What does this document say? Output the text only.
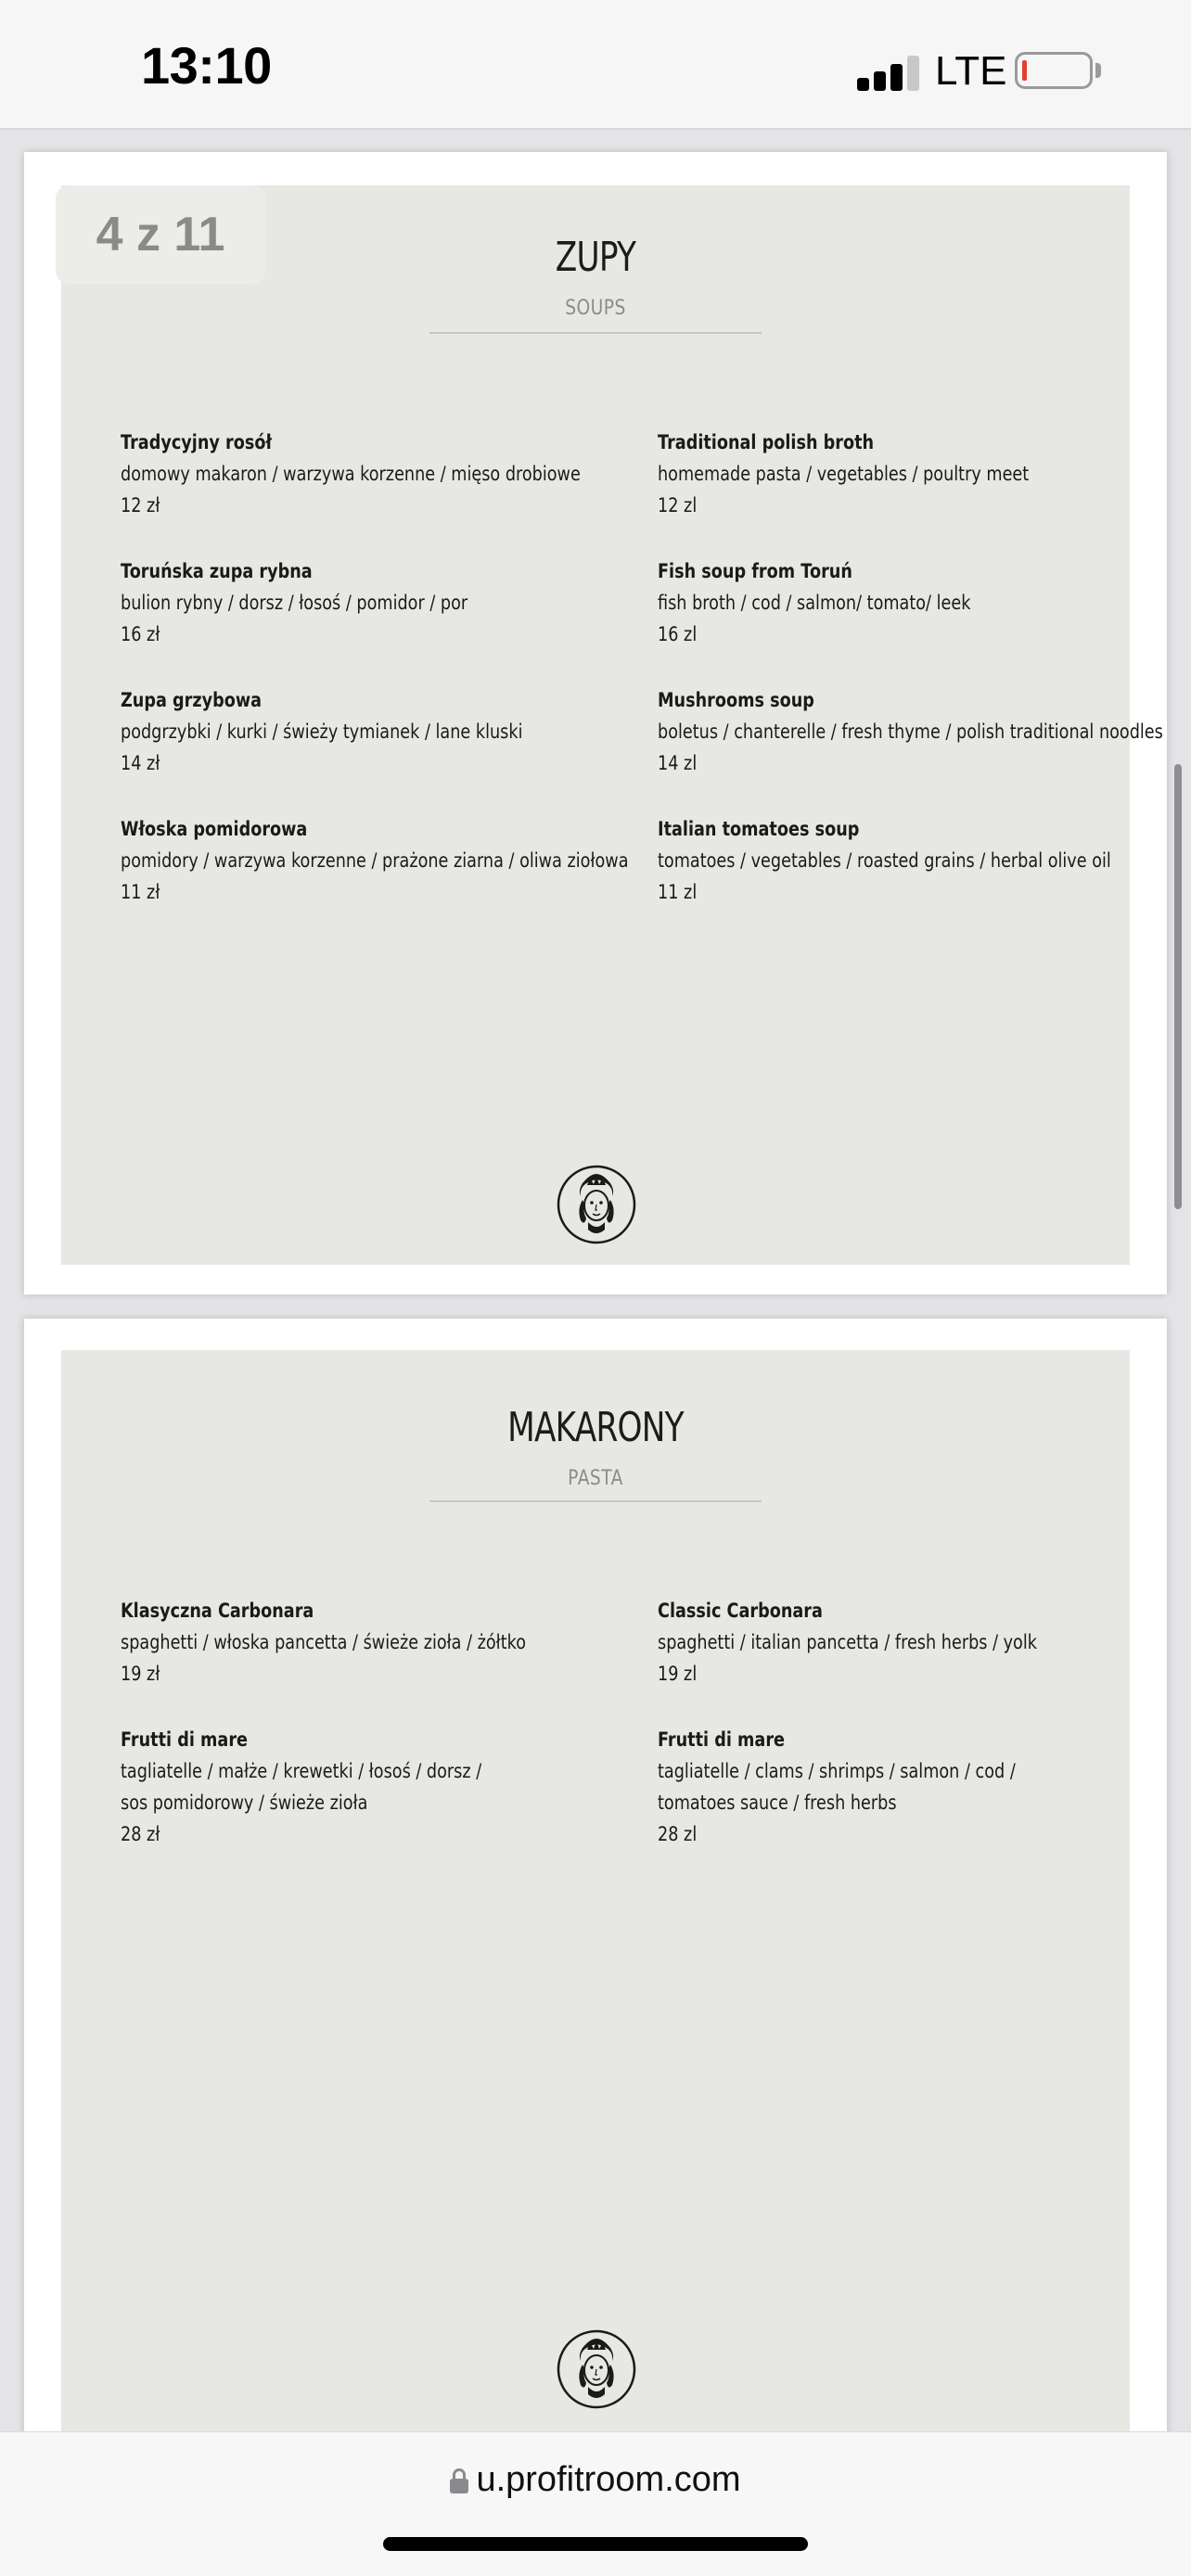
13:10	LTE
ZUPY
SOUPS
Tradycyjny rosół
domowy makaron / warzywa korzenne / mięso drobiowe
12 zł
Toruńska zupa rybna
bulion rybny / dorsz / łosoś / pomidor / por
16 zł
Zupa grzybowa
podgrzybki / kurki / świeży tymianek / lane kluski
14 zł
Włoska pomidorowa
pomidory / warzywa korzenne / prażone ziarna / oliwa ziołowa
11 zł
Traditional polish broth
homemade pasta / vegetables / poultry meet
12 zl
Fish soup from Toruń
fish broth / cod / salmon/ tomato/ leek
16 zl
Mushrooms soup
boletus / chanterelle / fresh thyme / polish traditional noodles
14 zl
Italian tomatoes soup
tomatoes / vegetables / roasted grains / herbal olive oil
11 zl
MAKARONY
PASTA
Klasyczna Carbonara
spaghetti / włoska pancetta / świeże zioła / żółtko
19 zł
Frutti di mare
tagliatelle / małże / krewetki / łosoś / dorsz /
sos pomidorowy / świeże zioła
28 zł
Classic Carbonara
spaghetti / italian pancetta / fresh herbs / yolk
19 zl
Frutti di mare
tagliatelle / clams / shrimps / salmon / cod /
tomatoes sauce / fresh herbs
28 zl
4 z 11
u.profitroom.com
